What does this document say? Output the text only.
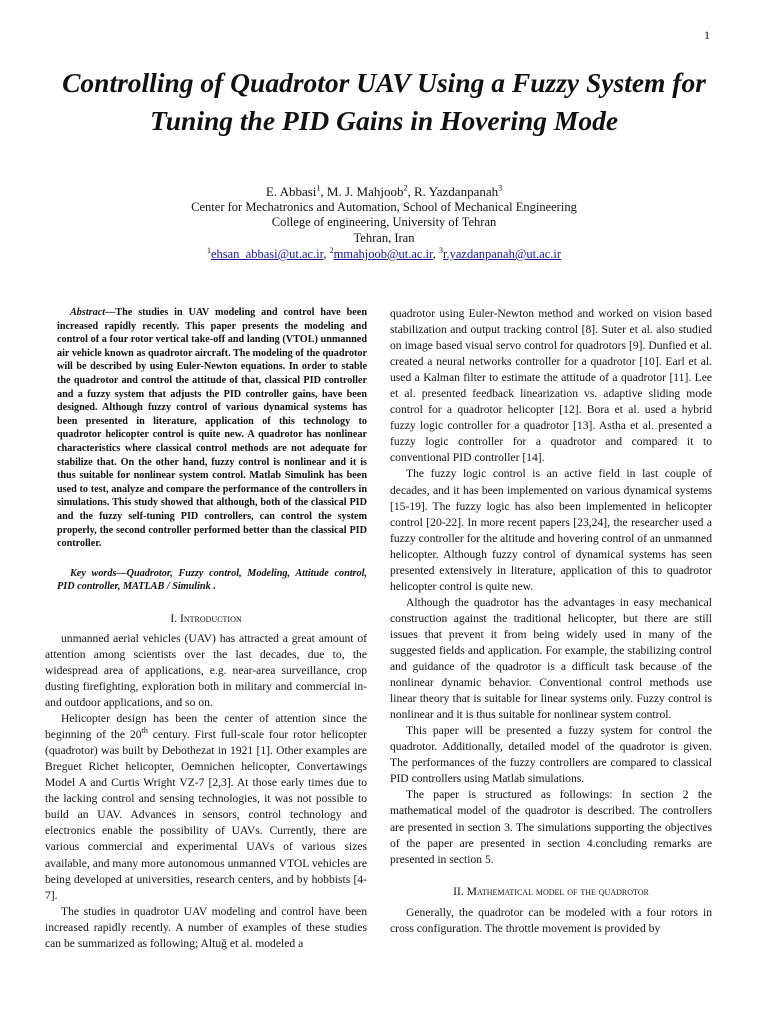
1
Controlling of Quadrotor UAV Using a Fuzzy System for Tuning the PID Gains in Hovering Mode
E. Abbasi$^1$, M. J. Mahjoob$^2$, R. Yazdanpanah$^3$
Center for Mechatronics and Automation, School of Mechanical Engineering
College of engineering, University of Tehran
Tehran, Iran
$^1$ehsan_abbasi@ut.ac.ir, $^2$mmahjoob@ut.ac.ir, $^3$r.yazdanpanah@ut.ac.ir

Abstract—The studies in UAV modeling and control have been increased rapidly recently. This paper presents the modeling and control of a four rotor vertical take-off and landing (VTOL) unmanned air vehicle known as quadrotor aircraft. The modeling of the quadrotor will be described by using Euler-Newton equations. In order to stable the quadrotor and control the attitude of that, classical PID controller and a fuzzy system that adjusts the PID controller gains, have been designed. Although fuzzy control of various dynamical systems has been presented in literature, application of this technology to quadrotor helicopter control is quite new. A quadrotor has nonlinear characteristics where classical control methods are not adequate for stabilize that. On the other hand, fuzzy control is nonlinear and it is thus suitable for nonlinear system control. Matlab Simulink has been used to test, analyze and compare the performance of the controllers in simulations. This study showed that although, both of the classical PID and the fuzzy self-tuning PID controllers, can control the system properly, the second controller performed better than the classical PID controller.

Key words—Quadrotor, Fuzzy control, Modeling, Attitude control, PID controller, MATLAB / Simulink .

I. Introduction

unmanned aerial vehicles (UAV) has attracted a great amount of attention among scientists over the last decades, due to, the widespread area of applications, e.g. near-area surveillance, crop dusting firefighting, exploration both in military and commercial in- and outdoor applications, and so on.

Helicopter design has been the center of attention since the beginning of the 20th century. First full-scale four rotor helicopter (quadrotor) was built by Debothezat in 1921 [1]. Other examples are Breguet Richet helicopter, Oemnichen helicopter, Convertawings Model A and Curtis Wright VZ-7 [2,3]. At those early times due to the lacking control and sensing technologies, it was not possible to build an UAV. Advances in sensors, control technology and electronics enable the possibility of UAVs. Currently, there are various commercial and experimental UAVs of various sizes available, and many more autonomous unmanned VTOL vehicles are being developed at universities, research centers, and by hobbists [4-7].

The studies in quadrotor UAV modeling and control have been increased rapidly recently. A number of examples of these studies can be summarized as following; Altuğ et al. modeled a

quadrotor using Euler-Newton method and worked on vision based stabilization and output tracking control [8]. Suter et al. also studied on image based visual servo control for quadrotors [9]. Dunfied et al. created a neural networks controller for a quadrotor [10]. Earl et al. used a Kalman filter to estimate the attitude of a quadrotor [11]. Lee et al. presented feedback linearization vs. adaptive sliding mode control for a quadrotor helicopter [12]. Bora et al. used a hybrid fuzzy logic controller for a quadrotor [13]. Astha et al. presented a fuzzy logic controller for a quadrotor and compared it to conventional PID controller [14].

The fuzzy logic control is an active field in last couple of decades, and it has been implemented on various dynamical systems [15-19]. The fuzzy logic has also been implemented in helicopter control [20-22]. In more recent papers [23,24], the researcher used a fuzzy controller for the altitude and hovering control of an unmanned helicopter. Although fuzzy control of dynamical systems has seen presented extensively in literature, application of this to quadrotor helicopter control is quite new.

Although the quadrotor has the advantages in easy mechanical construction against the traditional helicopter, but there are still issues that prevent it from being widely used in many of the suggested fields and application. For example, the stabilizing control and guidance of the quadrotor is a difficult task because of the nonlinear dynamic behavior. Conventional control methods use linear theory that is suitable for linear systems only. Fuzzy control is nonlinear and it is thus suitable for nonlinear system control.

This paper will be presented a fuzzy system for control the quadrotor. Additionally, detailed model of the quadrotor is given. The performances of the fuzzy controllers are compared to classical PID controllers using Matlab simulations.

The paper is structured as followings: In section 2 the mathematical model of the quadrotor is described. The controllers are presented in section 3. The simulations supporting the objectives of the paper are presented in section 4.concluding remarks are presented in section 5.

II. Mathematical model of the quadrotor

Generally, the quadrotor can be modeled with a four rotors in cross configuration. The throttle movement is provided by
